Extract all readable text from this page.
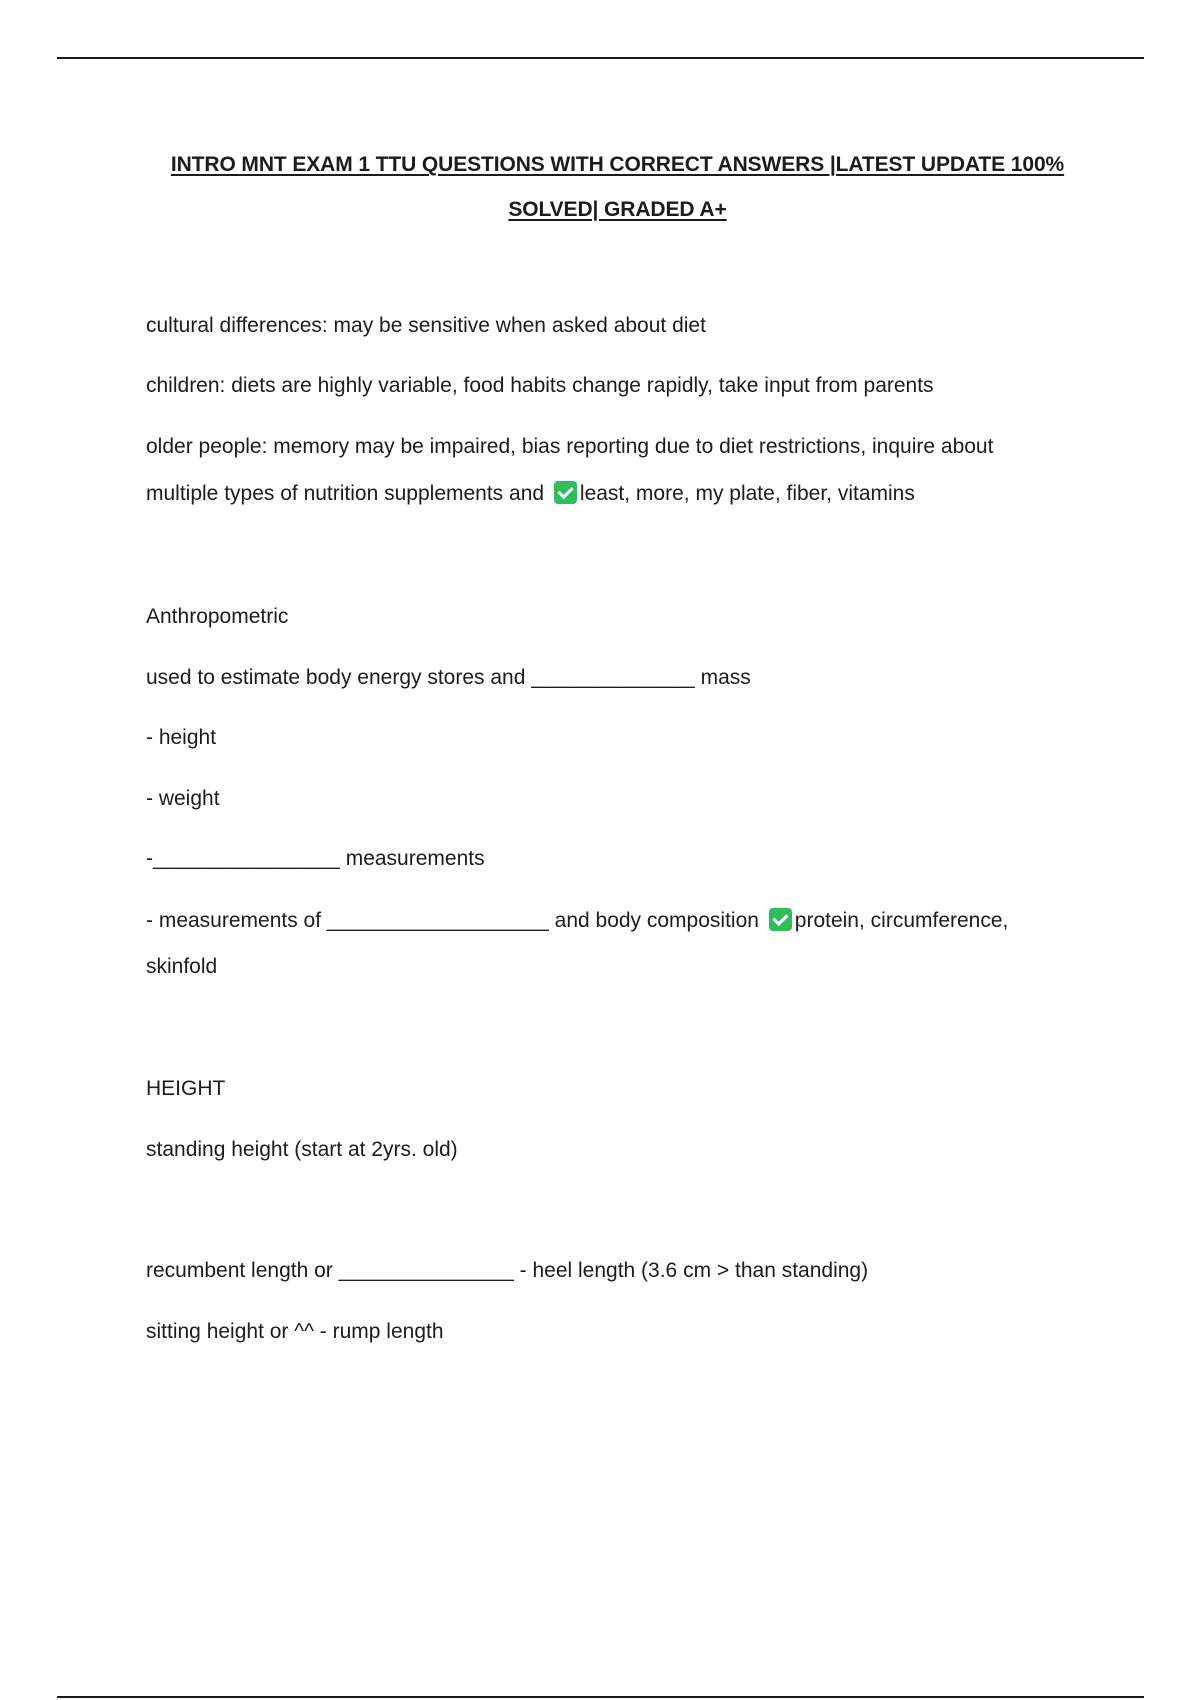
INTRO MNT EXAM 1 TTU QUESTIONS WITH CORRECT ANSWERS |LATEST UPDATE 100%
SOLVED| GRADED A+
cultural differences: may be sensitive when asked about diet
children: diets are highly variable, food habits change rapidly, take input from parents
older people: memory may be impaired, bias reporting due to diet restrictions, inquire about
multiple types of nutrition supplements and least, more, my plate, fiber, vitamins
Anthropometric
used to estimate body energy stores and ______________ mass
- height
- weight
-________________ measurements
- measurements of ___________________ and body composition protein, circumference,
skinfold
HEIGHT
standing height (start at 2yrs. old)
recumbent length or _______________ - heel length (3.6 cm > than standing)
sitting height or ^^ - rump length
